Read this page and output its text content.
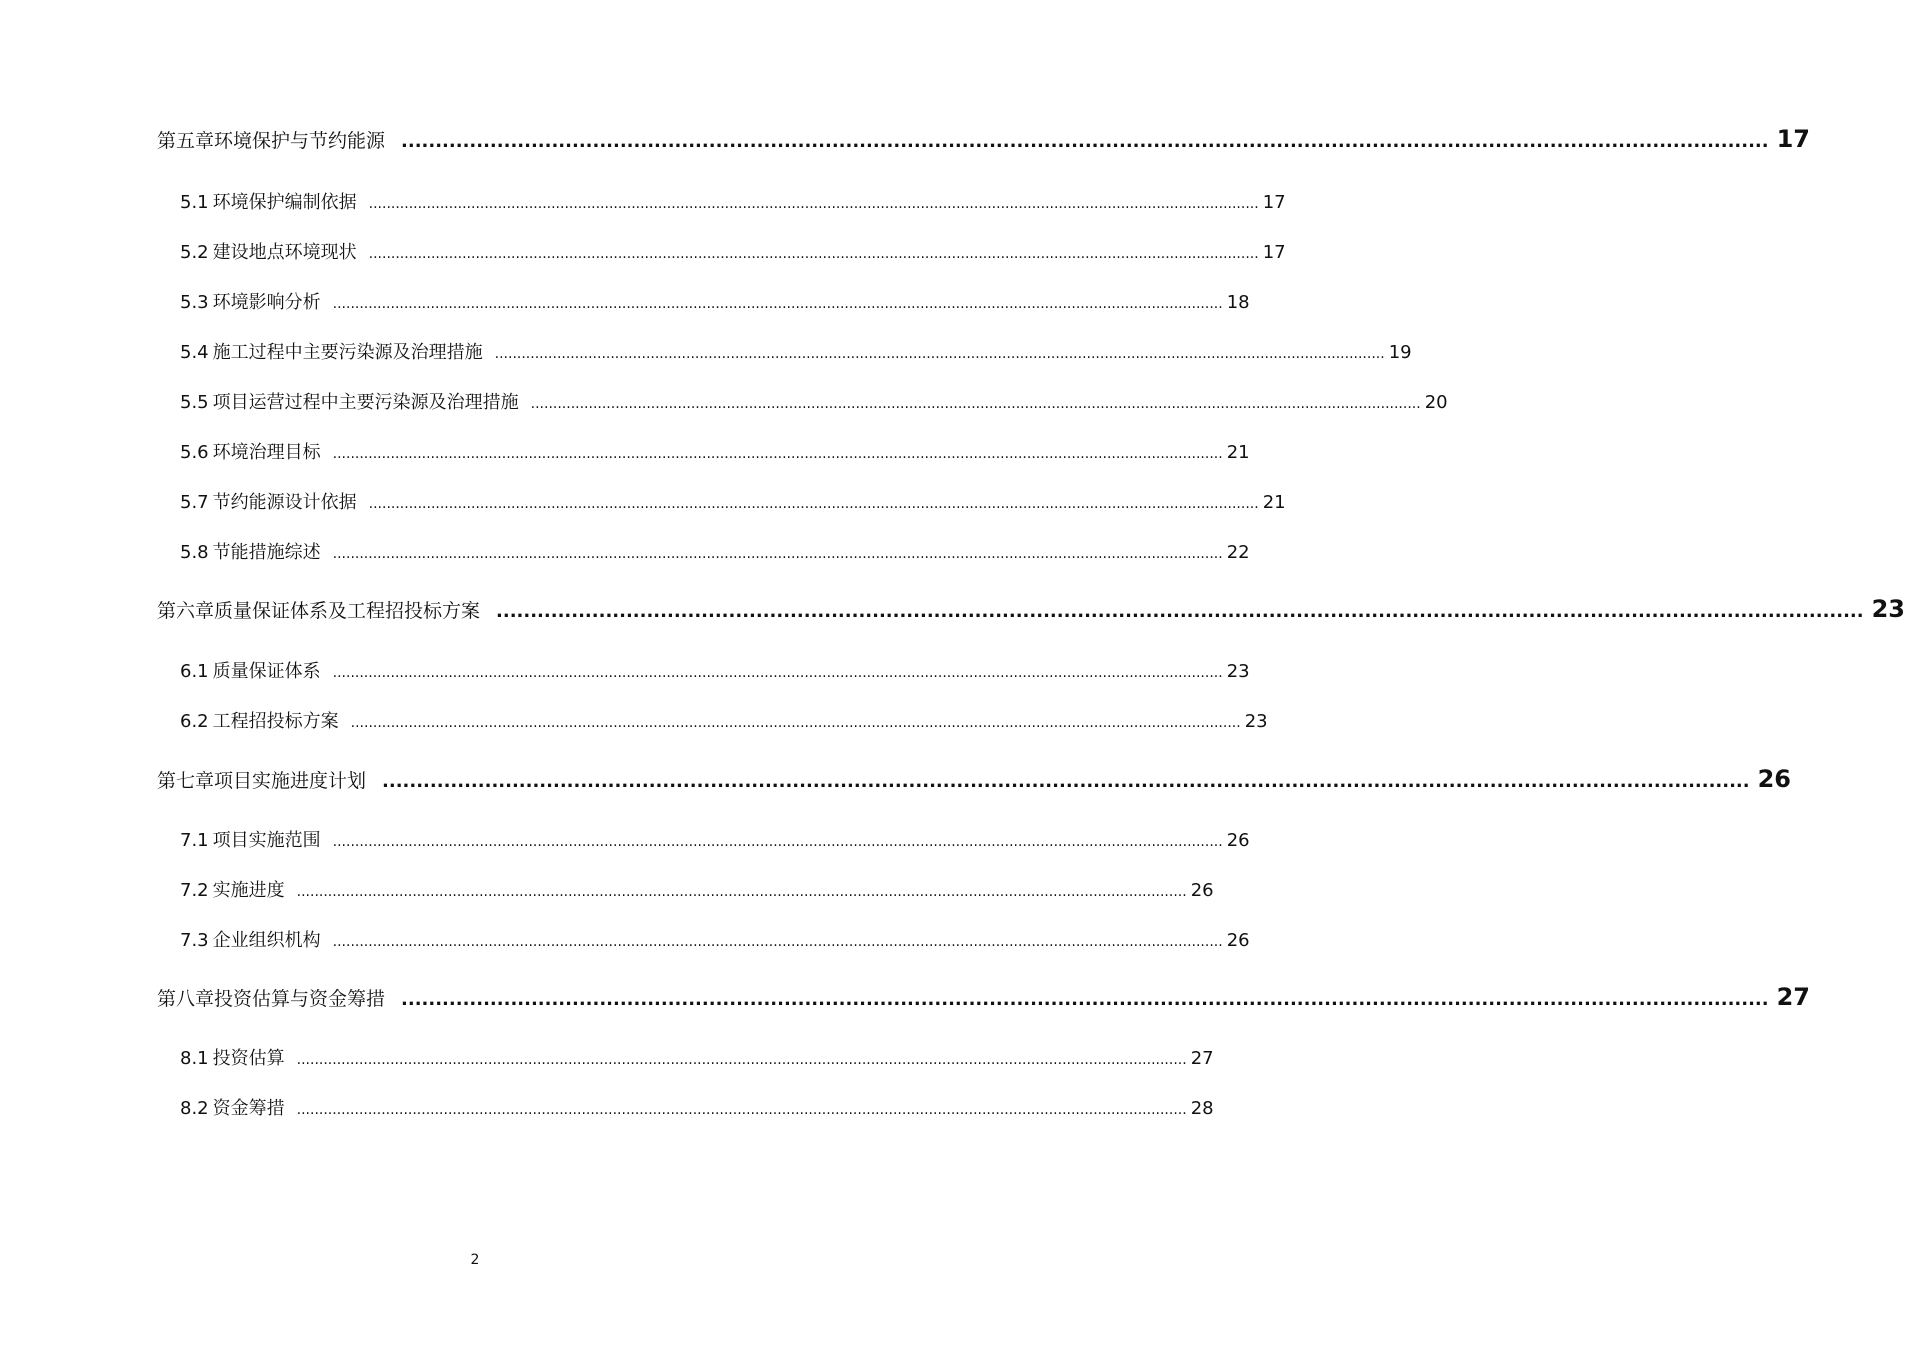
第五章 环境保护与节约能源 ........................................................................................................................................................................................................ 17
5.1 环境保护编制依据 ........................................................................................................................................................................................................ 17
5.2 建设地点环境现状 ........................................................................................................................................................................................................ 17
5.3 环境影响分析 ........................................................................................................................................................................................................ 18
5.4 施工过程中主要污染源及治理措施 ........................................................................................................................................................................................................ 19
5.5 项目运营过程中主要污染源及治理措施 ........................................................................................................................................................................................................ 20
5.6 环境治理目标 ........................................................................................................................................................................................................ 21
5.7 节约能源设计依据 ........................................................................................................................................................................................................ 21
5.8 节能措施综述 ........................................................................................................................................................................................................ 22
第六章 质量保证体系及工程招投标方案 ........................................................................................................................................................................................................ 23
6.1 质量保证体系 ........................................................................................................................................................................................................ 23
6.2 工程招投标方案 ........................................................................................................................................................................................................ 23
第七章 项目实施进度计划 ........................................................................................................................................................................................................ 26
7.1 项目实施范围 ........................................................................................................................................................................................................ 26
7.2 实施进度 ........................................................................................................................................................................................................ 26
7.3 企业组织机构 ........................................................................................................................................................................................................ 26
第八章 投资估算与资金筹措 ........................................................................................................................................................................................................ 27
8.1 投资估算 ........................................................................................................................................................................................................ 27
8.2 资金筹措 ........................................................................................................................................................................................................ 28
2
